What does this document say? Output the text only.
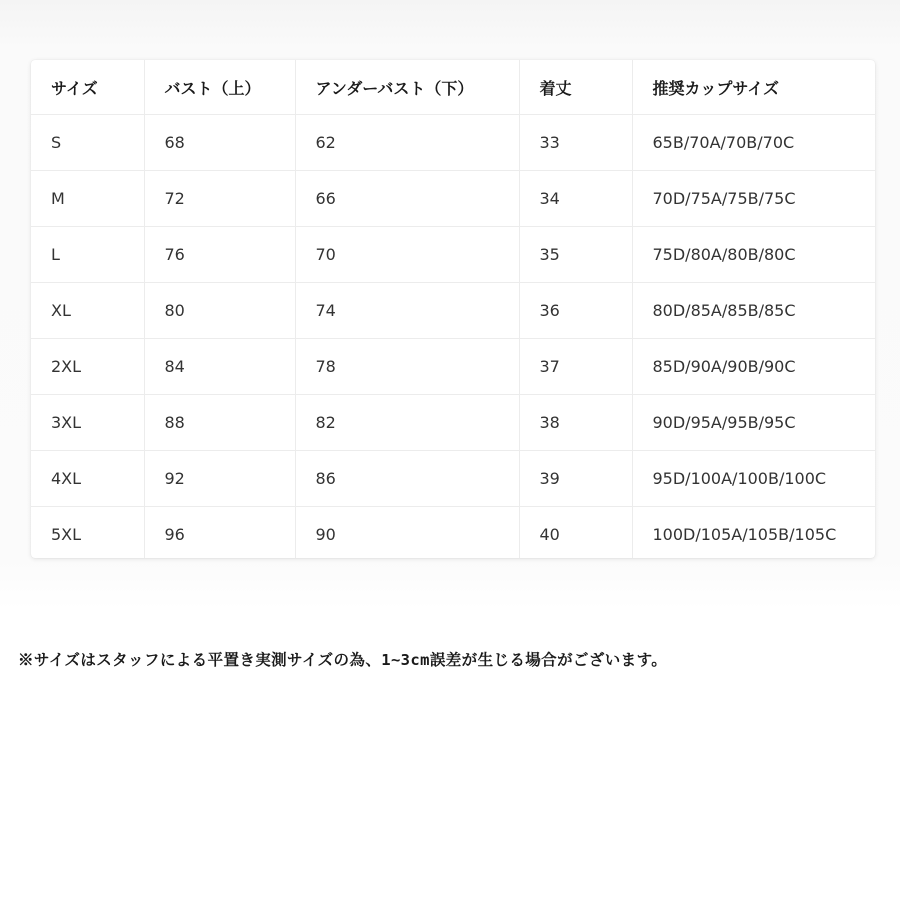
サイズ	バスト（上）	アンダーバスト（下）	着丈	推奨カップサイズ
S	68	62	33	65B/70A/70B/70C
M	72	66	34	70D/75A/75B/75C
L	76	70	35	75D/80A/80B/80C
XL	80	74	36	80D/85A/85B/85C
2XL	84	78	37	85D/90A/90B/90C
3XL	88	82	38	90D/95A/95B/95C
4XL	92	86	39	95D/100A/100B/100C
5XL	96	90	40	100D/105A/105B/105C
※サイズはスタッフによる平置き実測サイズの為、1~3cm誤差が生じる場合がございます。
